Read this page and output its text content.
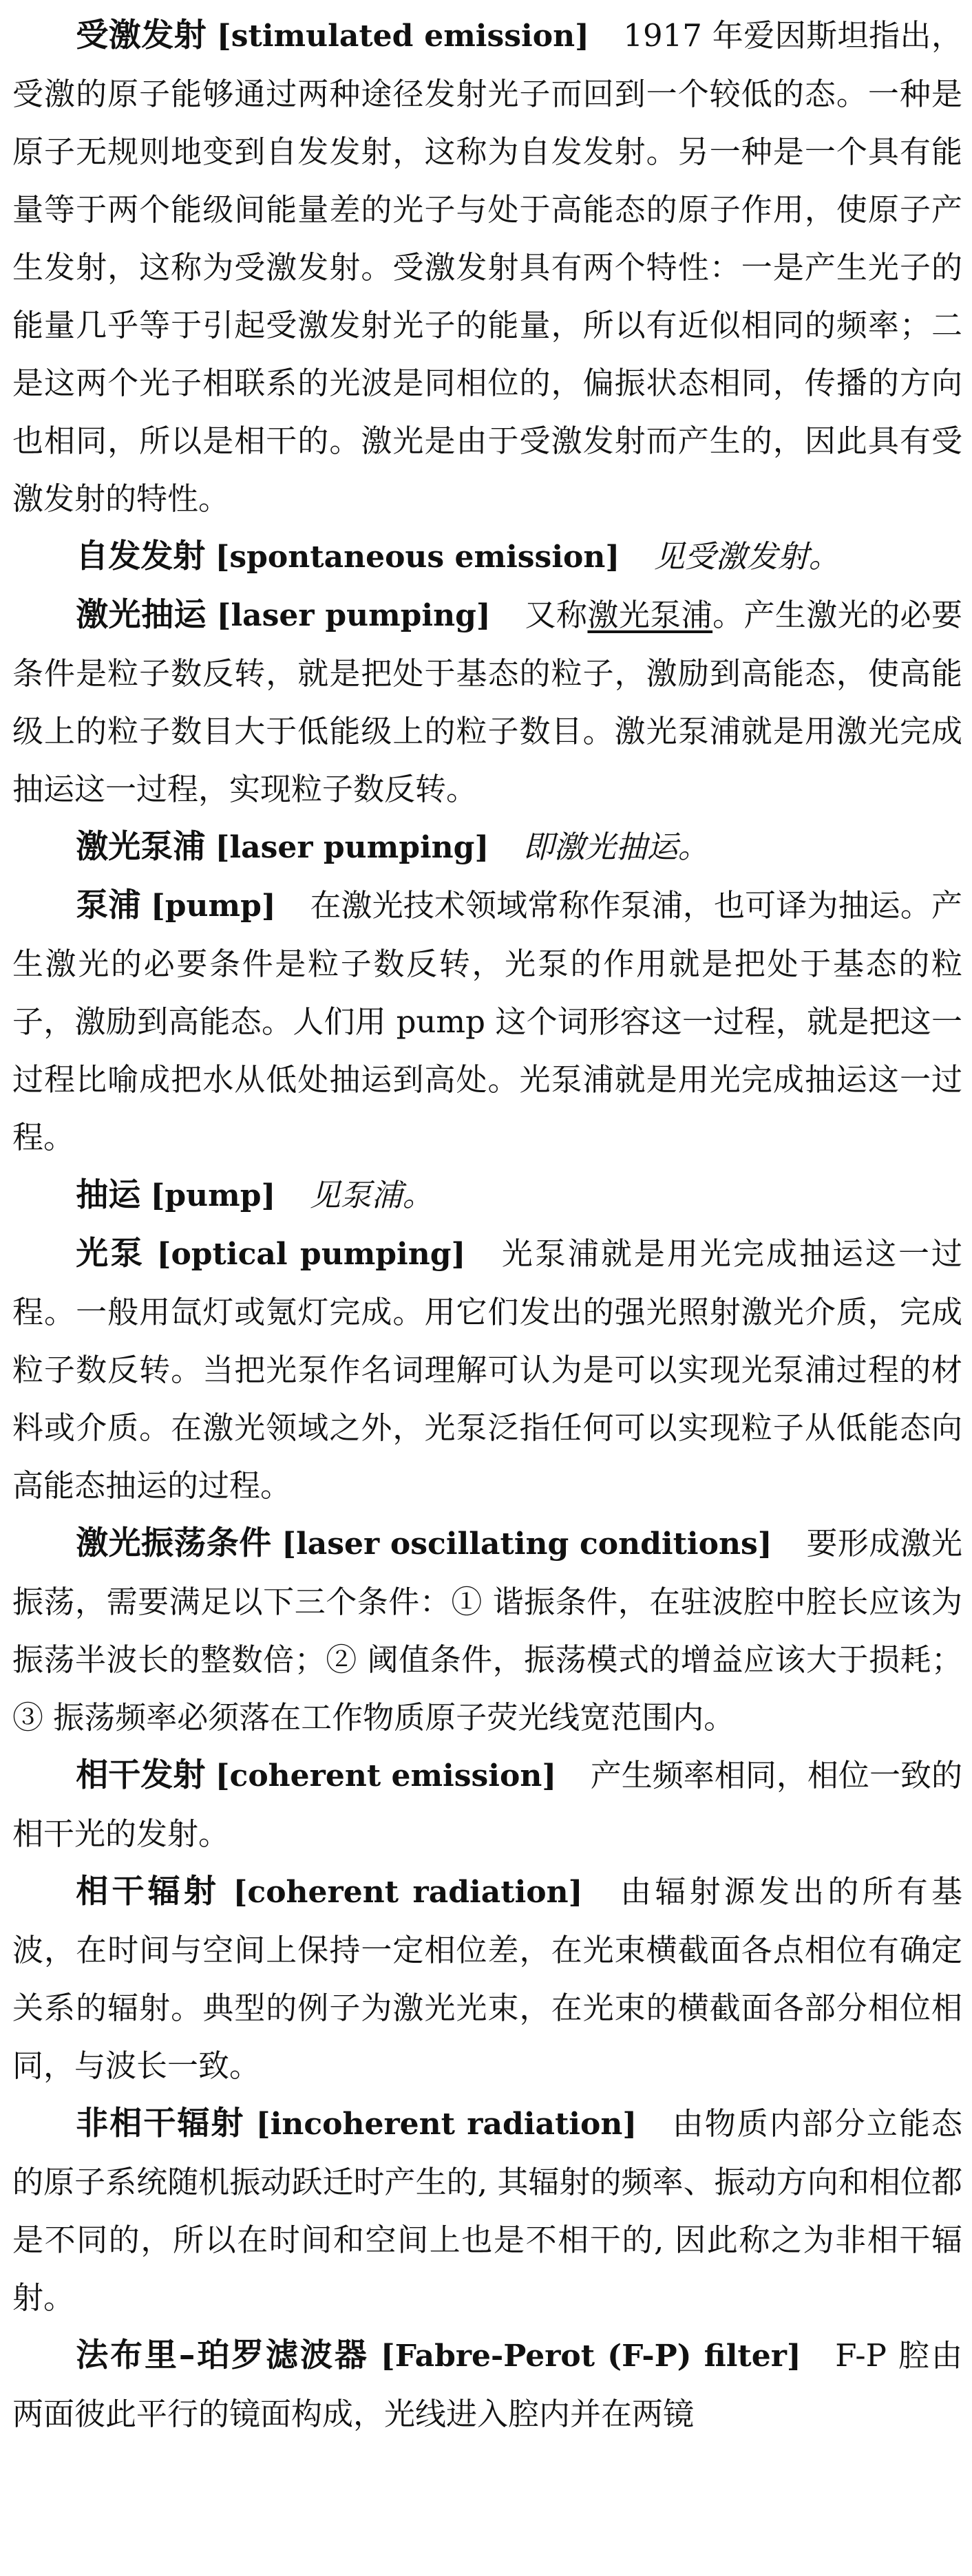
受激发射 [stimulated emission] 1917 年爱因斯坦指出，受激的原子能够通过两种途径发射光子而回到一个较低的态。一种是原子无规则地变到自发发射，这称为自发发射。另一种是一个具有能量等于两个能级间能量差的光子与处于高能态的原子作用，使原子产生发射，这称为受激发射。受激发射具有两个特性：一是产生光子的能量几乎等于引起受激发射光子的能量，所以有近似相同的频率；二是这两个光子相联系的光波是同相位的，偏振状态相同，传播的方向也相同，所以是相干的。激光是由于受激发射而产生的，因此具有受激发射的特性。

自发发射 [spontaneous emission] 见受激发射。

激光抽运 [laser pumping] 又称激光泵浦。产生激光的必要条件是粒子数反转，就是把处于基态的粒子，激励到高能态，使高能级上的粒子数目大于低能级上的粒子数目。激光泵浦就是用激光完成抽运这一过程，实现粒子数反转。

激光泵浦 [laser pumping] 即激光抽运。

泵浦 [pump] 在激光技术领域常称作泵浦，也可译为抽运。产生激光的必要条件是粒子数反转，光泵的作用就是把处于基态的粒子，激励到高能态。人们用 pump 这个词形容这一过程，就是把这一过程比喻成把水从低处抽运到高处。光泵浦就是用光完成抽运这一过程。

抽运 [pump] 见泵浦。

光泵 [optical pumping] 光泵浦就是用光完成抽运这一过程。一般用氙灯或氪灯完成。用它们发出的强光照射激光介质，完成粒子数反转。当把光泵作名词理解可认为是可以实现光泵浦过程的材料或介质。在激光领域之外，光泵泛指任何可以实现粒子从低能态向高能态抽运的过程。

激光振荡条件 [laser oscillating conditions] 要形成激光振荡，需要满足以下三个条件：① 谐振条件，在驻波腔中腔长应该为振荡半波长的整数倍；② 阈值条件，振荡模式的增益应该大于损耗；③ 振荡频率必须落在工作物质原子荧光线宽范围内。

相干发射 [coherent emission] 产生频率相同，相位一致的相干光的发射。

相干辐射 [coherent radiation] 由辐射源发出的所有基波，在时间与空间上保持一定相位差，在光束横截面各点相位有确定关系的辐射。典型的例子为激光光束，在光束的横截面各部分相位相同，与波长一致。

非相干辐射 [incoherent radiation] 由物质内部分立能态的原子系统随机振动跃迁时产生的, 其辐射的频率、振动方向和相位都是不同的，所以在时间和空间上也是不相干的, 因此称之为非相干辐射。

法布里–珀罗滤波器 [Fabre-Perot (F-P) filter] F-P 腔由两面彼此平行的镜面构成，光线进入腔内并在两镜
